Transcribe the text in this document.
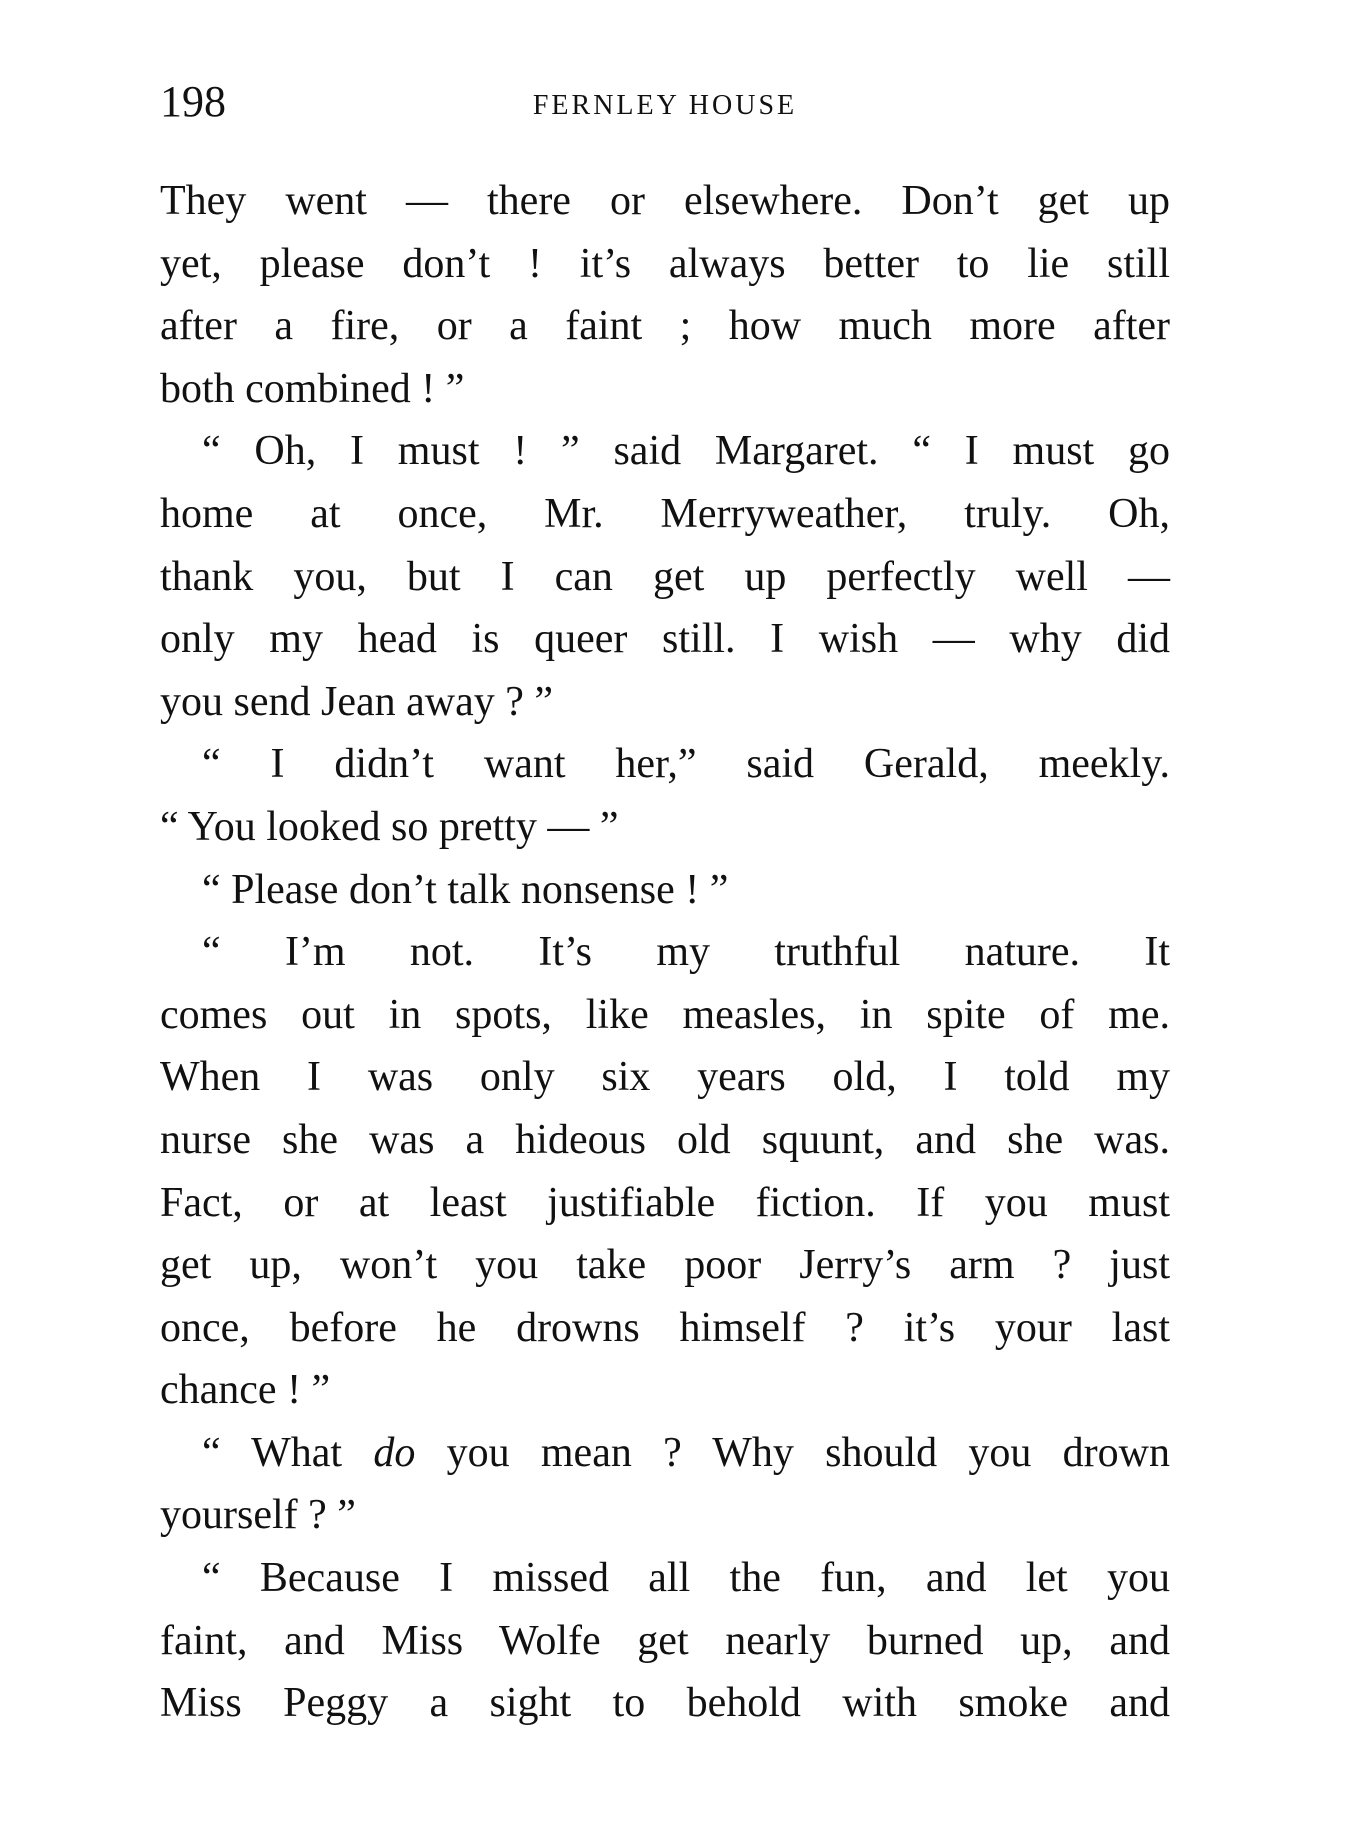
198	FERNLEY HOUSE
They went — there or elsewhere. Don’t get up
yet, please don’t ! it’s always better to lie still
after a fire, or a faint ; how much more after
both combined ! ”
“ Oh, I must ! ” said Margaret. “ I must go
home at once, Mr. Merryweather, truly. Oh,
thank you, but I can get up perfectly well —
only my head is queer still. I wish — why did
you send Jean away ? ”
“ I didn’t want her,” said Gerald, meekly.
“ You looked so pretty — ”
“ Please don’t talk nonsense ! ”
“ I’m not. It’s my truthful nature. It
comes out in spots, like measles, in spite of me.
When I was only six years old, I told my
nurse she was a hideous old squunt, and she was.
Fact, or at least justifiable fiction. If you must
get up, won’t you take poor Jerry’s arm ? just
once, before he drowns himself ? it’s your last
chance ! ”
“ What do you mean ? Why should you drown
yourself ? ”
“ Because I missed all the fun, and let you
faint, and Miss Wolfe get nearly burned up, and
Miss Peggy a sight to behold with smoke and
